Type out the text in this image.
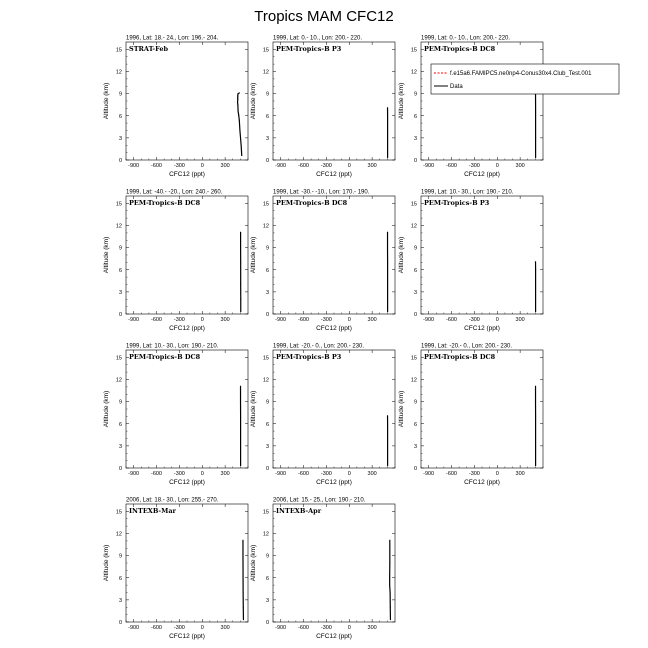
Tropics MAM CFC12
1996, Lat: 18.- 24., Lon: 196.- 204.
STRAT-Feb
-900 -600 -300	0	300
0
3
6
9
12
15
CFC12 (ppt)
Altitude (km)
1999, Lat: 0.- 10., Lon: 200.- 220.
PEM-Tropics-B P3
-900 -600 -300	0	300
0
3
6
9
12
15
CFC12 (ppt)
Altitude (km)
1999, Lat: 0.- 10., Lon: 200.- 220.
PEM-Tropics-B DC8
-900 -600 -300	0	300
0
3
6
9
12
15
CFC12 (ppt)
Altitude (km)
f.e15a6.FAMIPC5.ne0np4-Conus30x4.Club_Test.001
Data
1999, Lat: -40.- -20., Lon: 240.- 260.
PEM-Tropics-B DC8
-900 -600 -300	0	300
0
3
6
9
12
15
CFC12 (ppt)
Altitude (km)
1999, Lat: -30.- -10., Lon: 170.- 190.
PEM-Tropics-B DC8
-900 -600 -300	0	300
0
3
6
9
12
15
CFC12 (ppt)
Altitude (km)
1999, Lat: 10.- 30., Lon: 190.- 210.
PEM-Tropics-B P3
-900 -600 -300	0	300
0
3
6
9
12
15
CFC12 (ppt)
Altitude (km)
1999, Lat: 10.- 30., Lon: 190.- 210.
PEM-Tropics-B DC8
-900 -600 -300	0	300
0
3
6
9
12
15
CFC12 (ppt)
Altitude (km)
1999, Lat: -20.- 0., Lon: 200.- 230.
PEM-Tropics-B P3
-900 -600 -300	0	300
0
3
6
9
12
15
CFC12 (ppt)
Altitude (km)
1999, Lat: -20.- 0., Lon: 200.- 230.
PEM-Tropics-B DC8
-900 -600 -300	0	300
0
3
6
9
12
15
CFC12 (ppt)
Altitude (km)
2006, Lat: 18.- 30., Lon: 255.- 270.
INTEXB-Mar
-900 -600 -300	0	300
0
3
6
9
12
15
CFC12 (ppt)
Altitude (km)
2006, Lat: 15.- 25., Lon: 190.- 210.
INTEXB-Apr
-900 -600 -300	0	300
0
3
6
9
12
15
CFC12 (ppt)
Altitude (km)
